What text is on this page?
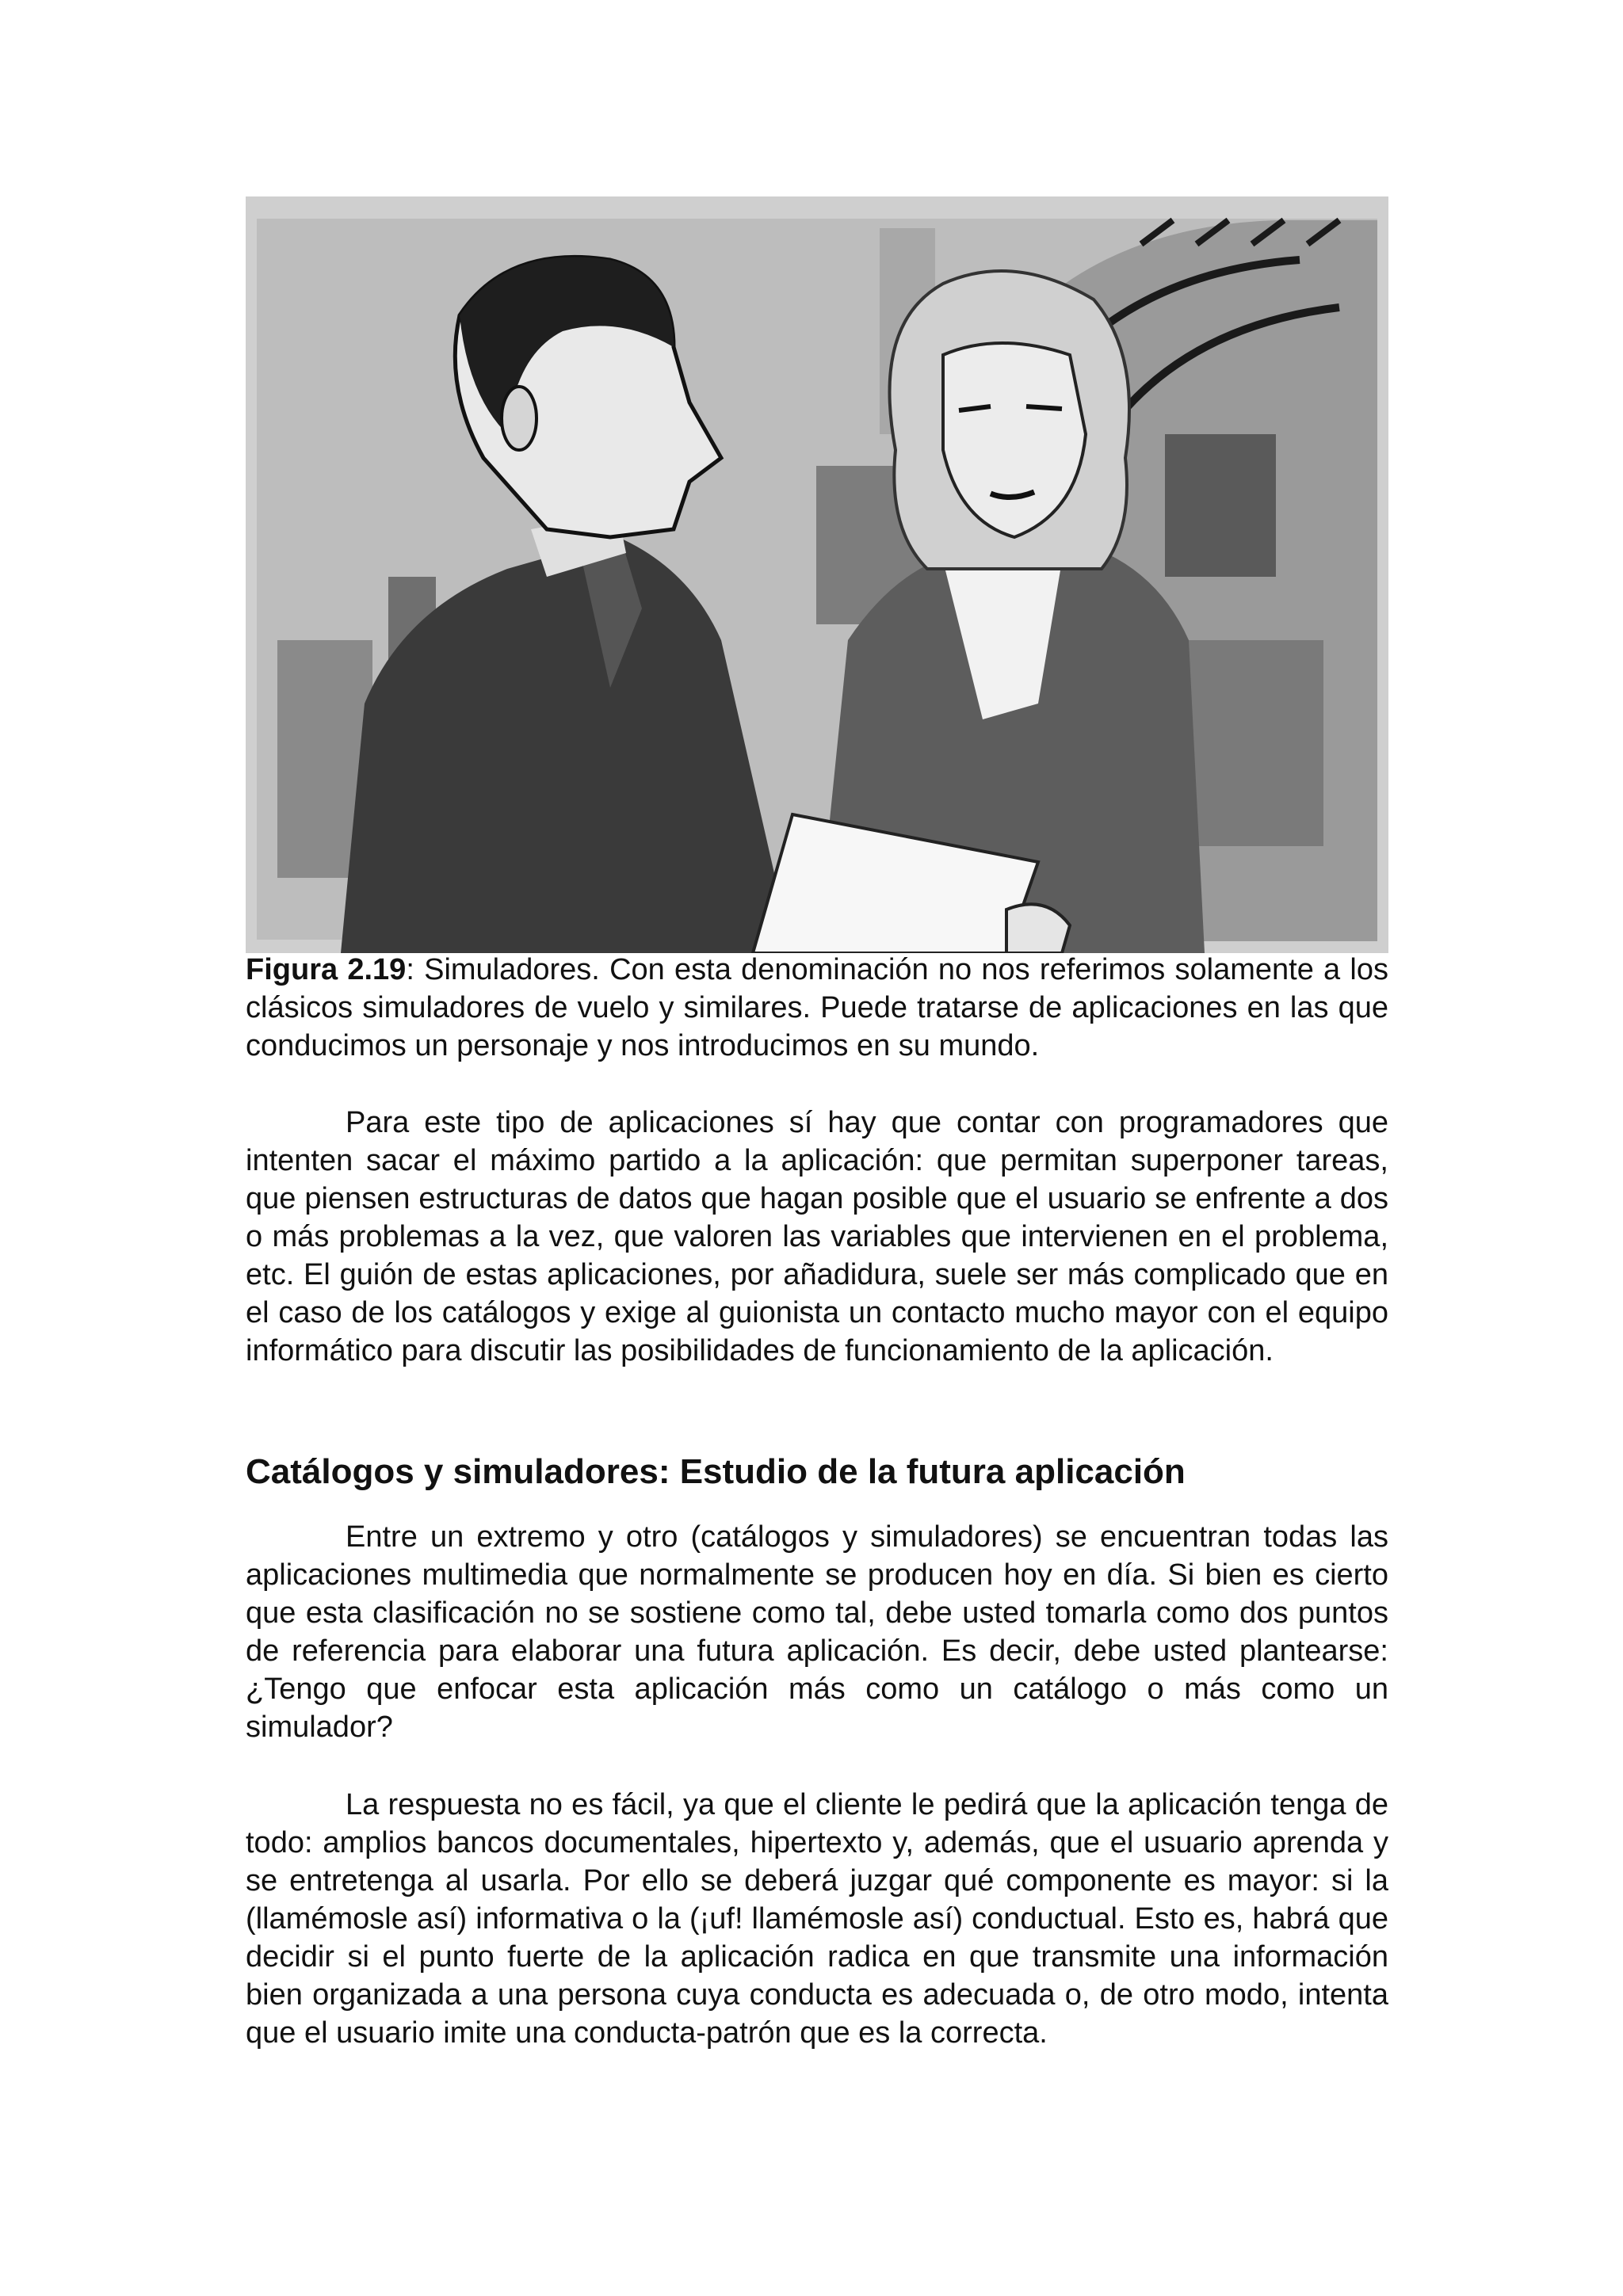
Figura 2.19: Simuladores. Con esta denominación no nos referimos solamente a los clásicos simuladores de vuelo y similares. Puede tratarse de aplicaciones en las que conducimos un personaje y nos introducimos en su mundo.

Para este tipo de aplicaciones sí hay que contar con programadores que intenten sacar el máximo partido a la aplicación: que permitan superponer tareas, que piensen estructuras de datos que hagan posible que el usuario se enfrente a dos o más problemas a la vez, que valoren las variables que intervienen en el problema, etc. El guión de estas aplicaciones, por añadidura, suele ser más complicado que en el caso de los catálogos y exige al guionista un contacto mucho mayor con el equipo informático para discutir las posibilidades de funcionamiento de la aplicación.

Catálogos y simuladores: Estudio de la futura aplicación

Entre un extremo y otro (catálogos y simuladores) se encuentran todas las aplicaciones multimedia que normalmente se producen hoy en día. Si bien es cierto que esta clasificación no se sostiene como tal, debe usted tomarla como dos puntos de referencia para elaborar una futura aplicación. Es decir, debe usted plantearse: ¿Tengo que enfocar esta aplicación más como un catálogo o más como un simulador?

La respuesta no es fácil, ya que el cliente le pedirá que la aplicación tenga de todo: amplios bancos documentales, hipertexto y, además, que el usuario aprenda y se entretenga al usarla. Por ello se deberá juzgar qué componente es mayor: si la (llamémosle así) informativa o la (¡uf! llamémosle así) conductual. Esto es, habrá que decidir si el punto fuerte de la aplicación radica en que transmite una información bien organizada a una persona cuya conducta es adecuada o, de otro modo, intenta que el usuario imite una conducta-patrón que es la correcta.
